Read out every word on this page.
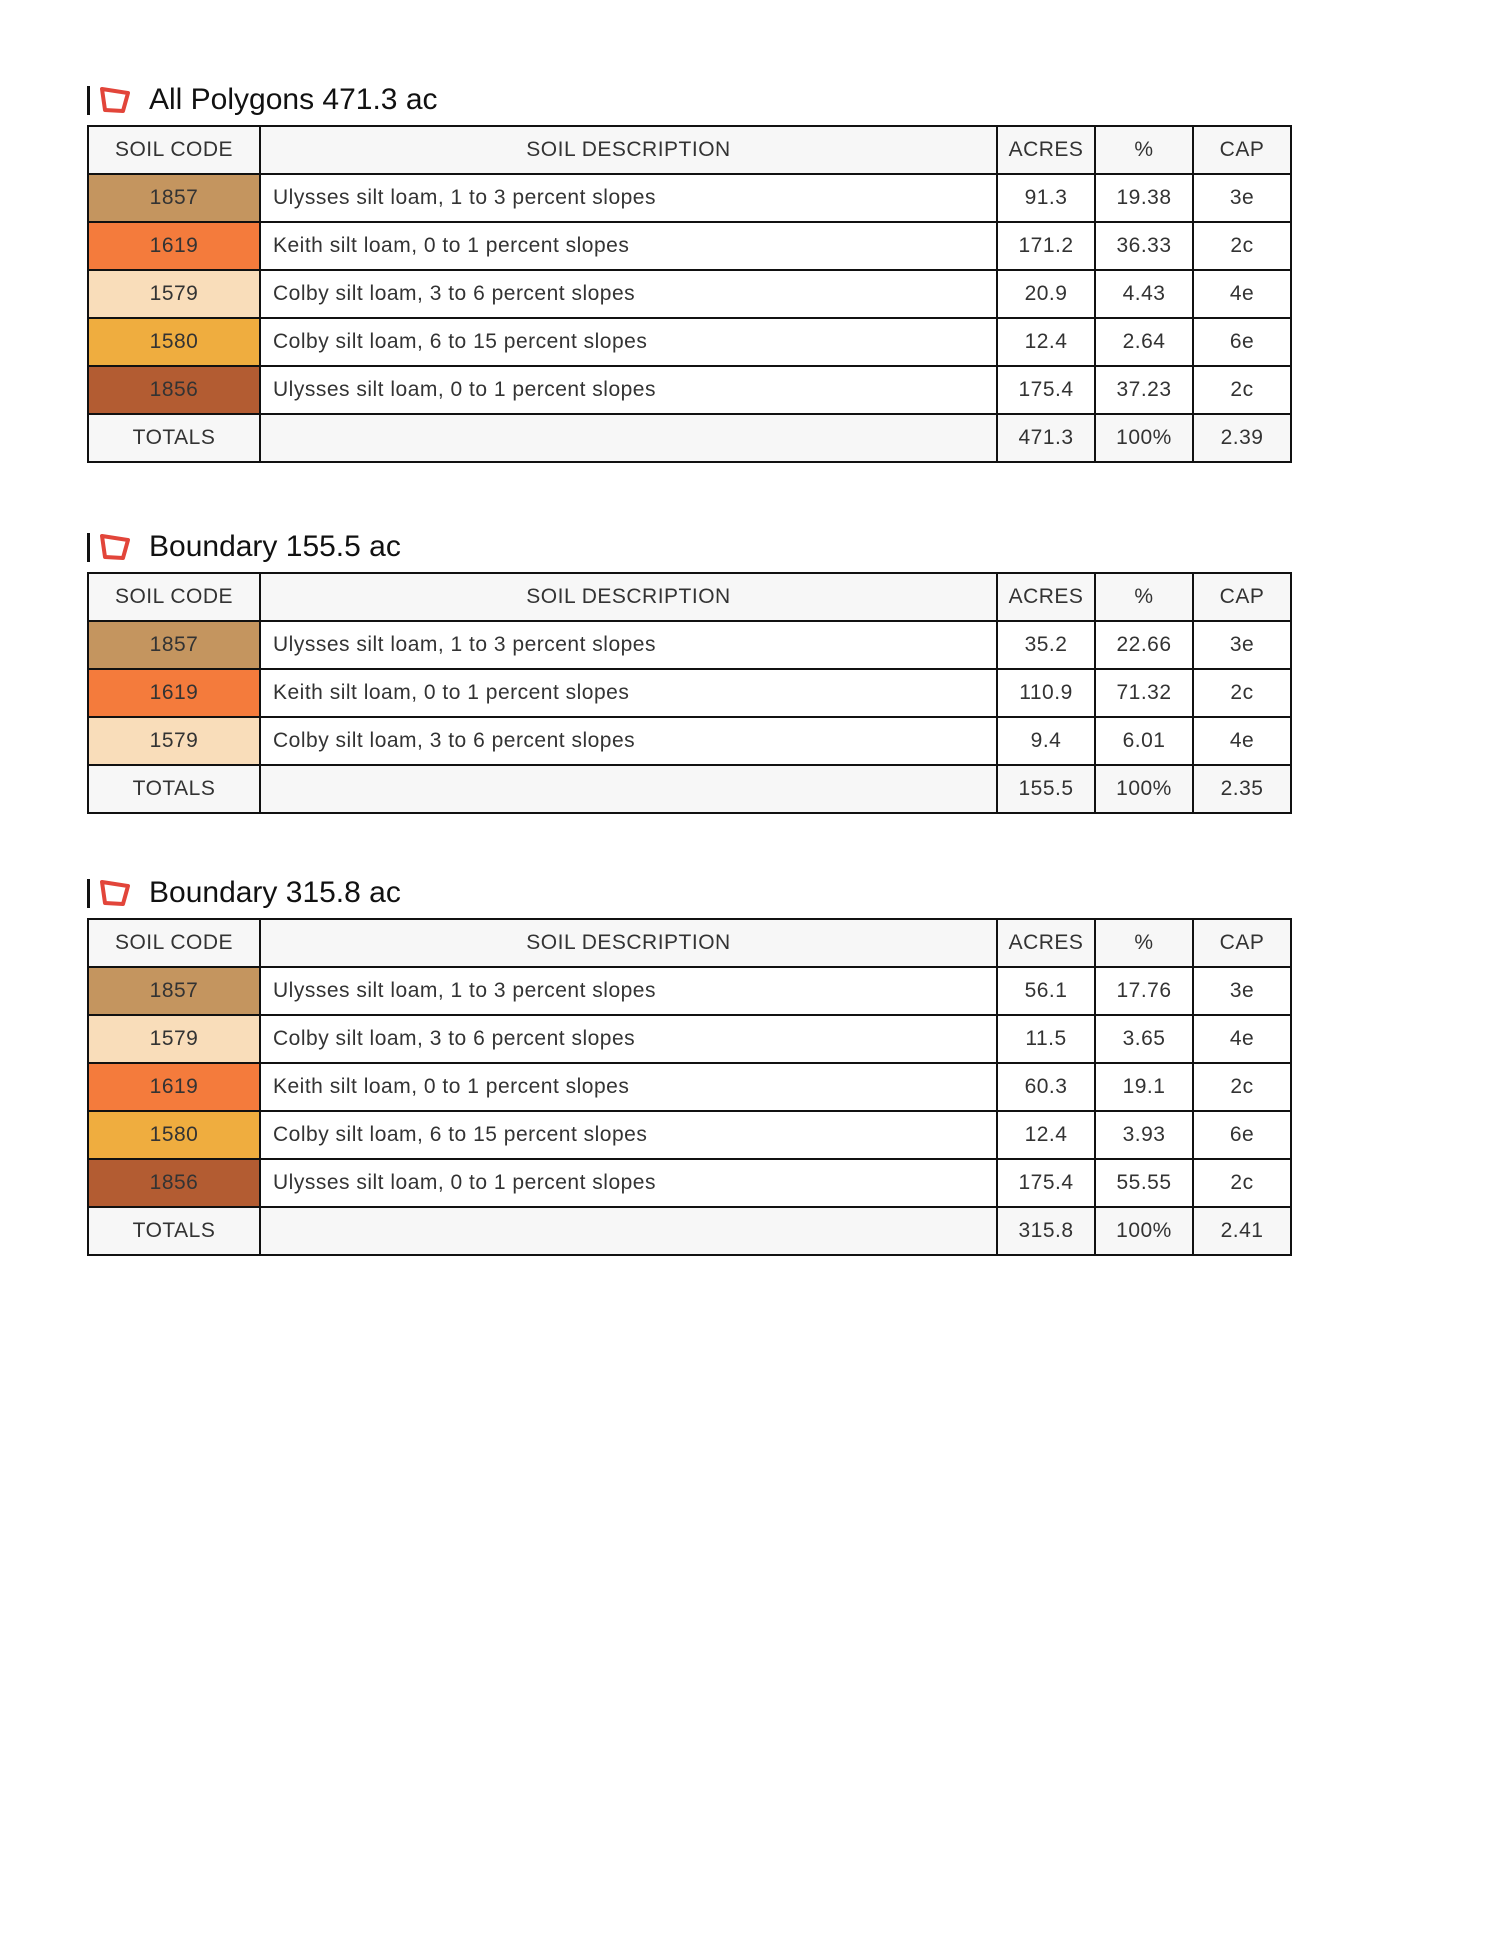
All Polygons 471.3 ac
SOIL CODE	SOIL DESCRIPTION	ACRES	%	CAP
1857	Ulysses silt loam, 1 to 3 percent slopes	91.3	19.38	3e
1619	Keith silt loam, 0 to 1 percent slopes	171.2	36.33	2c
1579	Colby silt loam, 3 to 6 percent slopes	20.9	4.43	4e
1580	Colby silt loam, 6 to 15 percent slopes	12.4	2.64	6e
1856	Ulysses silt loam, 0 to 1 percent slopes	175.4	37.23	2c
TOTALS		471.3	100%	2.39
Boundary 155.5 ac
SOIL CODE	SOIL DESCRIPTION	ACRES	%	CAP
1857	Ulysses silt loam, 1 to 3 percent slopes	35.2	22.66	3e
1619	Keith silt loam, 0 to 1 percent slopes	110.9	71.32	2c
1579	Colby silt loam, 3 to 6 percent slopes	9.4	6.01	4e
TOTALS		155.5	100%	2.35
Boundary 315.8 ac
SOIL CODE	SOIL DESCRIPTION	ACRES	%	CAP
1857	Ulysses silt loam, 1 to 3 percent slopes	56.1	17.76	3e
1579	Colby silt loam, 3 to 6 percent slopes	11.5	3.65	4e
1619	Keith silt loam, 0 to 1 percent slopes	60.3	19.1	2c
1580	Colby silt loam, 6 to 15 percent slopes	12.4	3.93	6e
1856	Ulysses silt loam, 0 to 1 percent slopes	175.4	55.55	2c
TOTALS		315.8	100%	2.41
